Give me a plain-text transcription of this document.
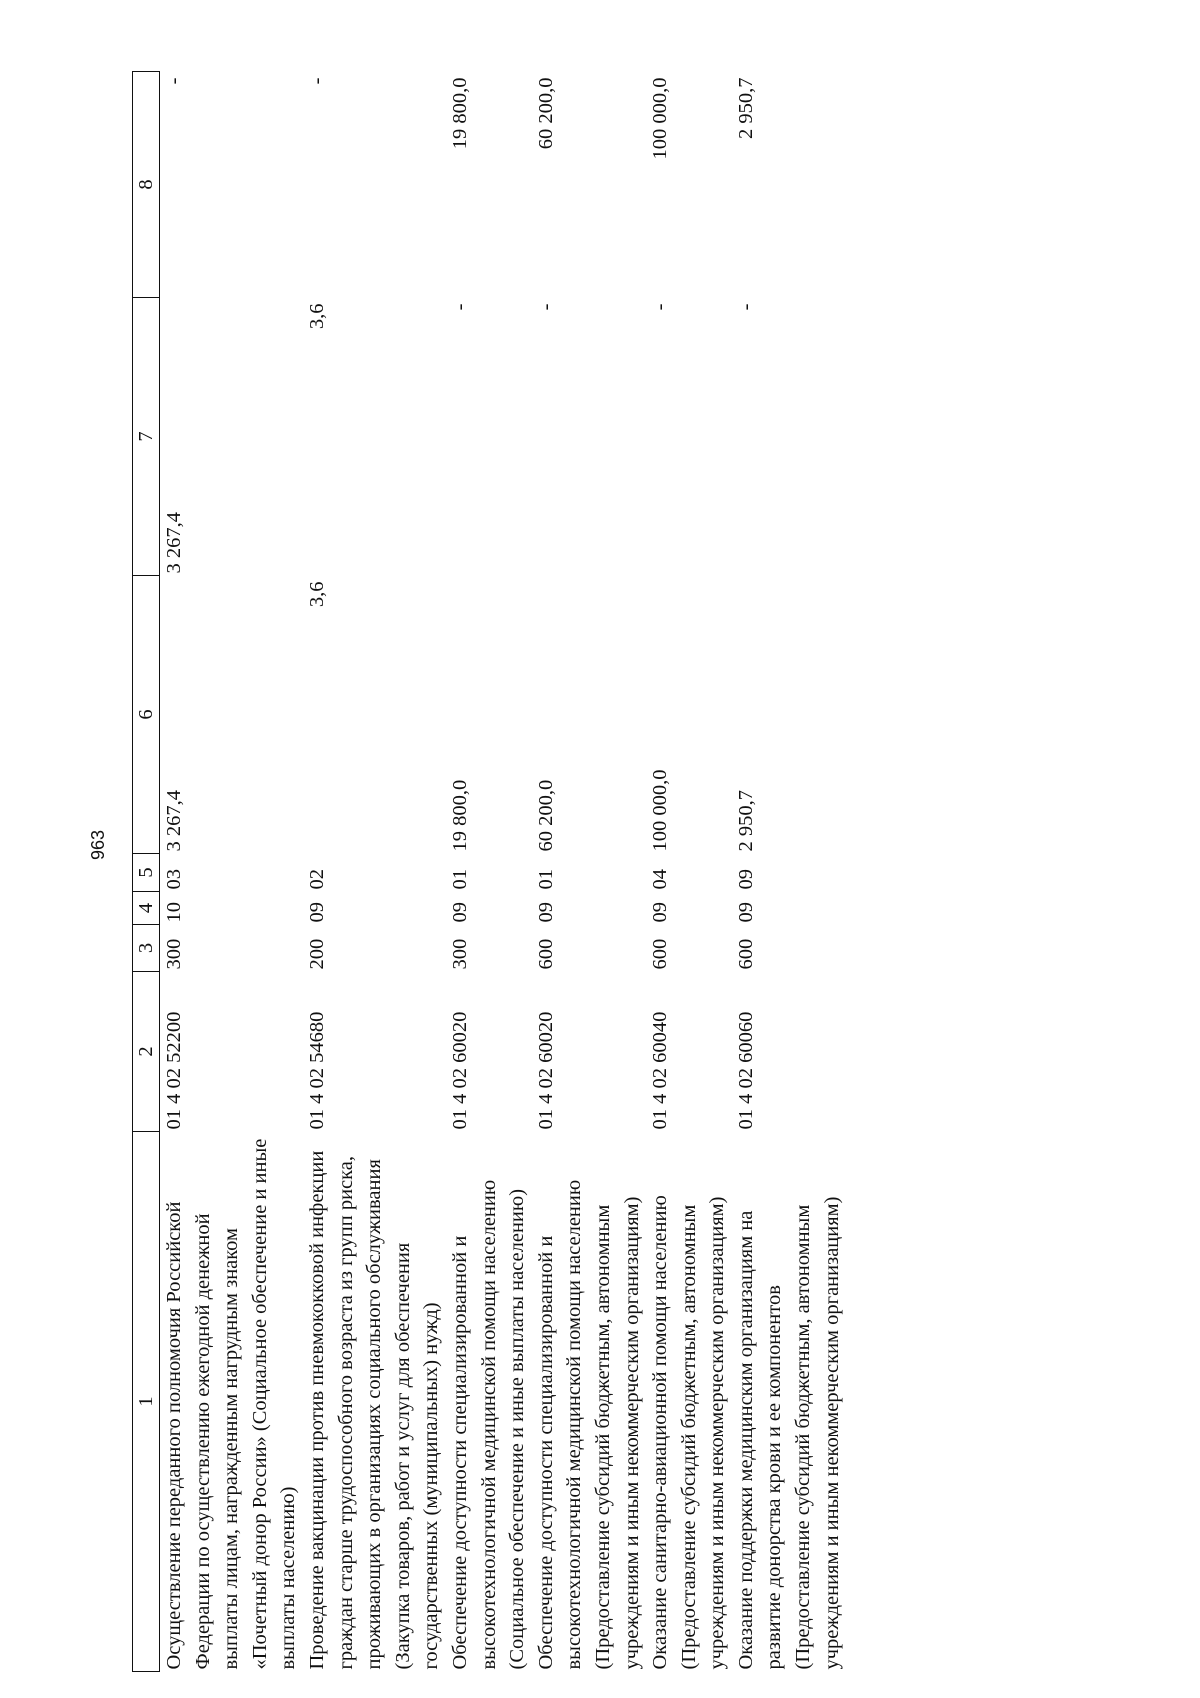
963
1	2	3	4	5	6	7	8
Осуществление переданного полномочия Российской Федерации по осуществлению ежегодной денежной выплаты лицам, награжденным нагрудным знаком «Почетный донор России» (Социальное обеспечение и иные выплаты населению)	01 4 02 52200	300	10	03	3 267,4	3 267,4	-
Проведение вакцинации против пневмококковой инфекции граждан старше трудоспособного возраста из групп риска, проживающих в организациях социального обслуживания (Закупка товаров, работ и услуг для обеспечения государственных (муниципальных) нужд)	01 4 02 54680	200	09	02	3,6	3,6	-
Обеспечение доступности специализированной и высокотехнологичной медицинской помощи населению (Социальное обеспечение и иные выплаты населению)	01 4 02 60020	300	09	01	19 800,0	-	19 800,0
Обеспечение доступности специализированной и высокотехнологичной медицинской помощи населению (Предоставление субсидий бюджетным, автономным учреждениям и иным некоммерческим организациям)	01 4 02 60020	600	09	01	60 200,0	-	60 200,0
Оказание санитарно-авиационной помощи населению (Предоставление субсидий бюджетным, автономным учреждениям и иным некоммерческим организациям)	01 4 02 60040	600	09	04	100 000,0	-	100 000,0
Оказание поддержки медицинским организациям на развитие донорства крови и ее компонентов (Предоставление субсидий бюджетным, автономным учреждениям и иным некоммерческим организациям)	01 4 02 60060	600	09	09	2 950,7	-	2 950,7
